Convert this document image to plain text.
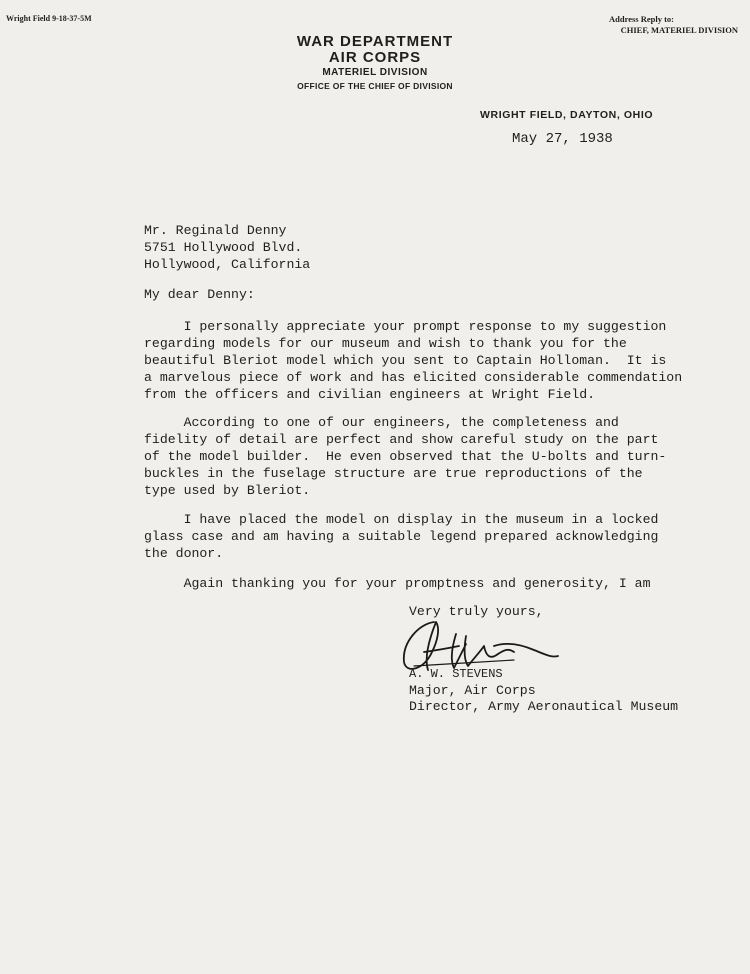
Wright Field 9-18-37-5M	Address Reply to:
CHIEF, MATERIEL DIVISION
WAR DEPARTMENT
AIR CORPS
MATERIEL DIVISION
OFFICE OF THE CHIEF OF DIVISION
WRIGHT FIELD, DAYTON, OHIO
May 27, 1938
Mr. Reginald Denny
5751 Hollywood Blvd.
Hollywood, California
My dear Denny:
I personally appreciate your prompt response to my suggestion
regarding models for our museum and wish to thank you for the
beautiful Bleriot model which you sent to Captain Holloman.  It is
a marvelous piece of work and has elicited considerable commendation
from the officers and civilian engineers at Wright Field.
According to one of our engineers, the completeness and
fidelity of detail are perfect and show careful study on the part
of the model builder.  He even observed that the U-bolts and turn-
buckles in the fuselage structure are true reproductions of the
type used by Bleriot.
I have placed the model on display in the museum in a locked
glass case and am having a suitable legend prepared acknowledging
the donor.
Again thanking you for your promptness and generosity, I am
Very truly yours,
A. W. STEVENS
Major, Air Corps
Director, Army Aeronautical Museum
